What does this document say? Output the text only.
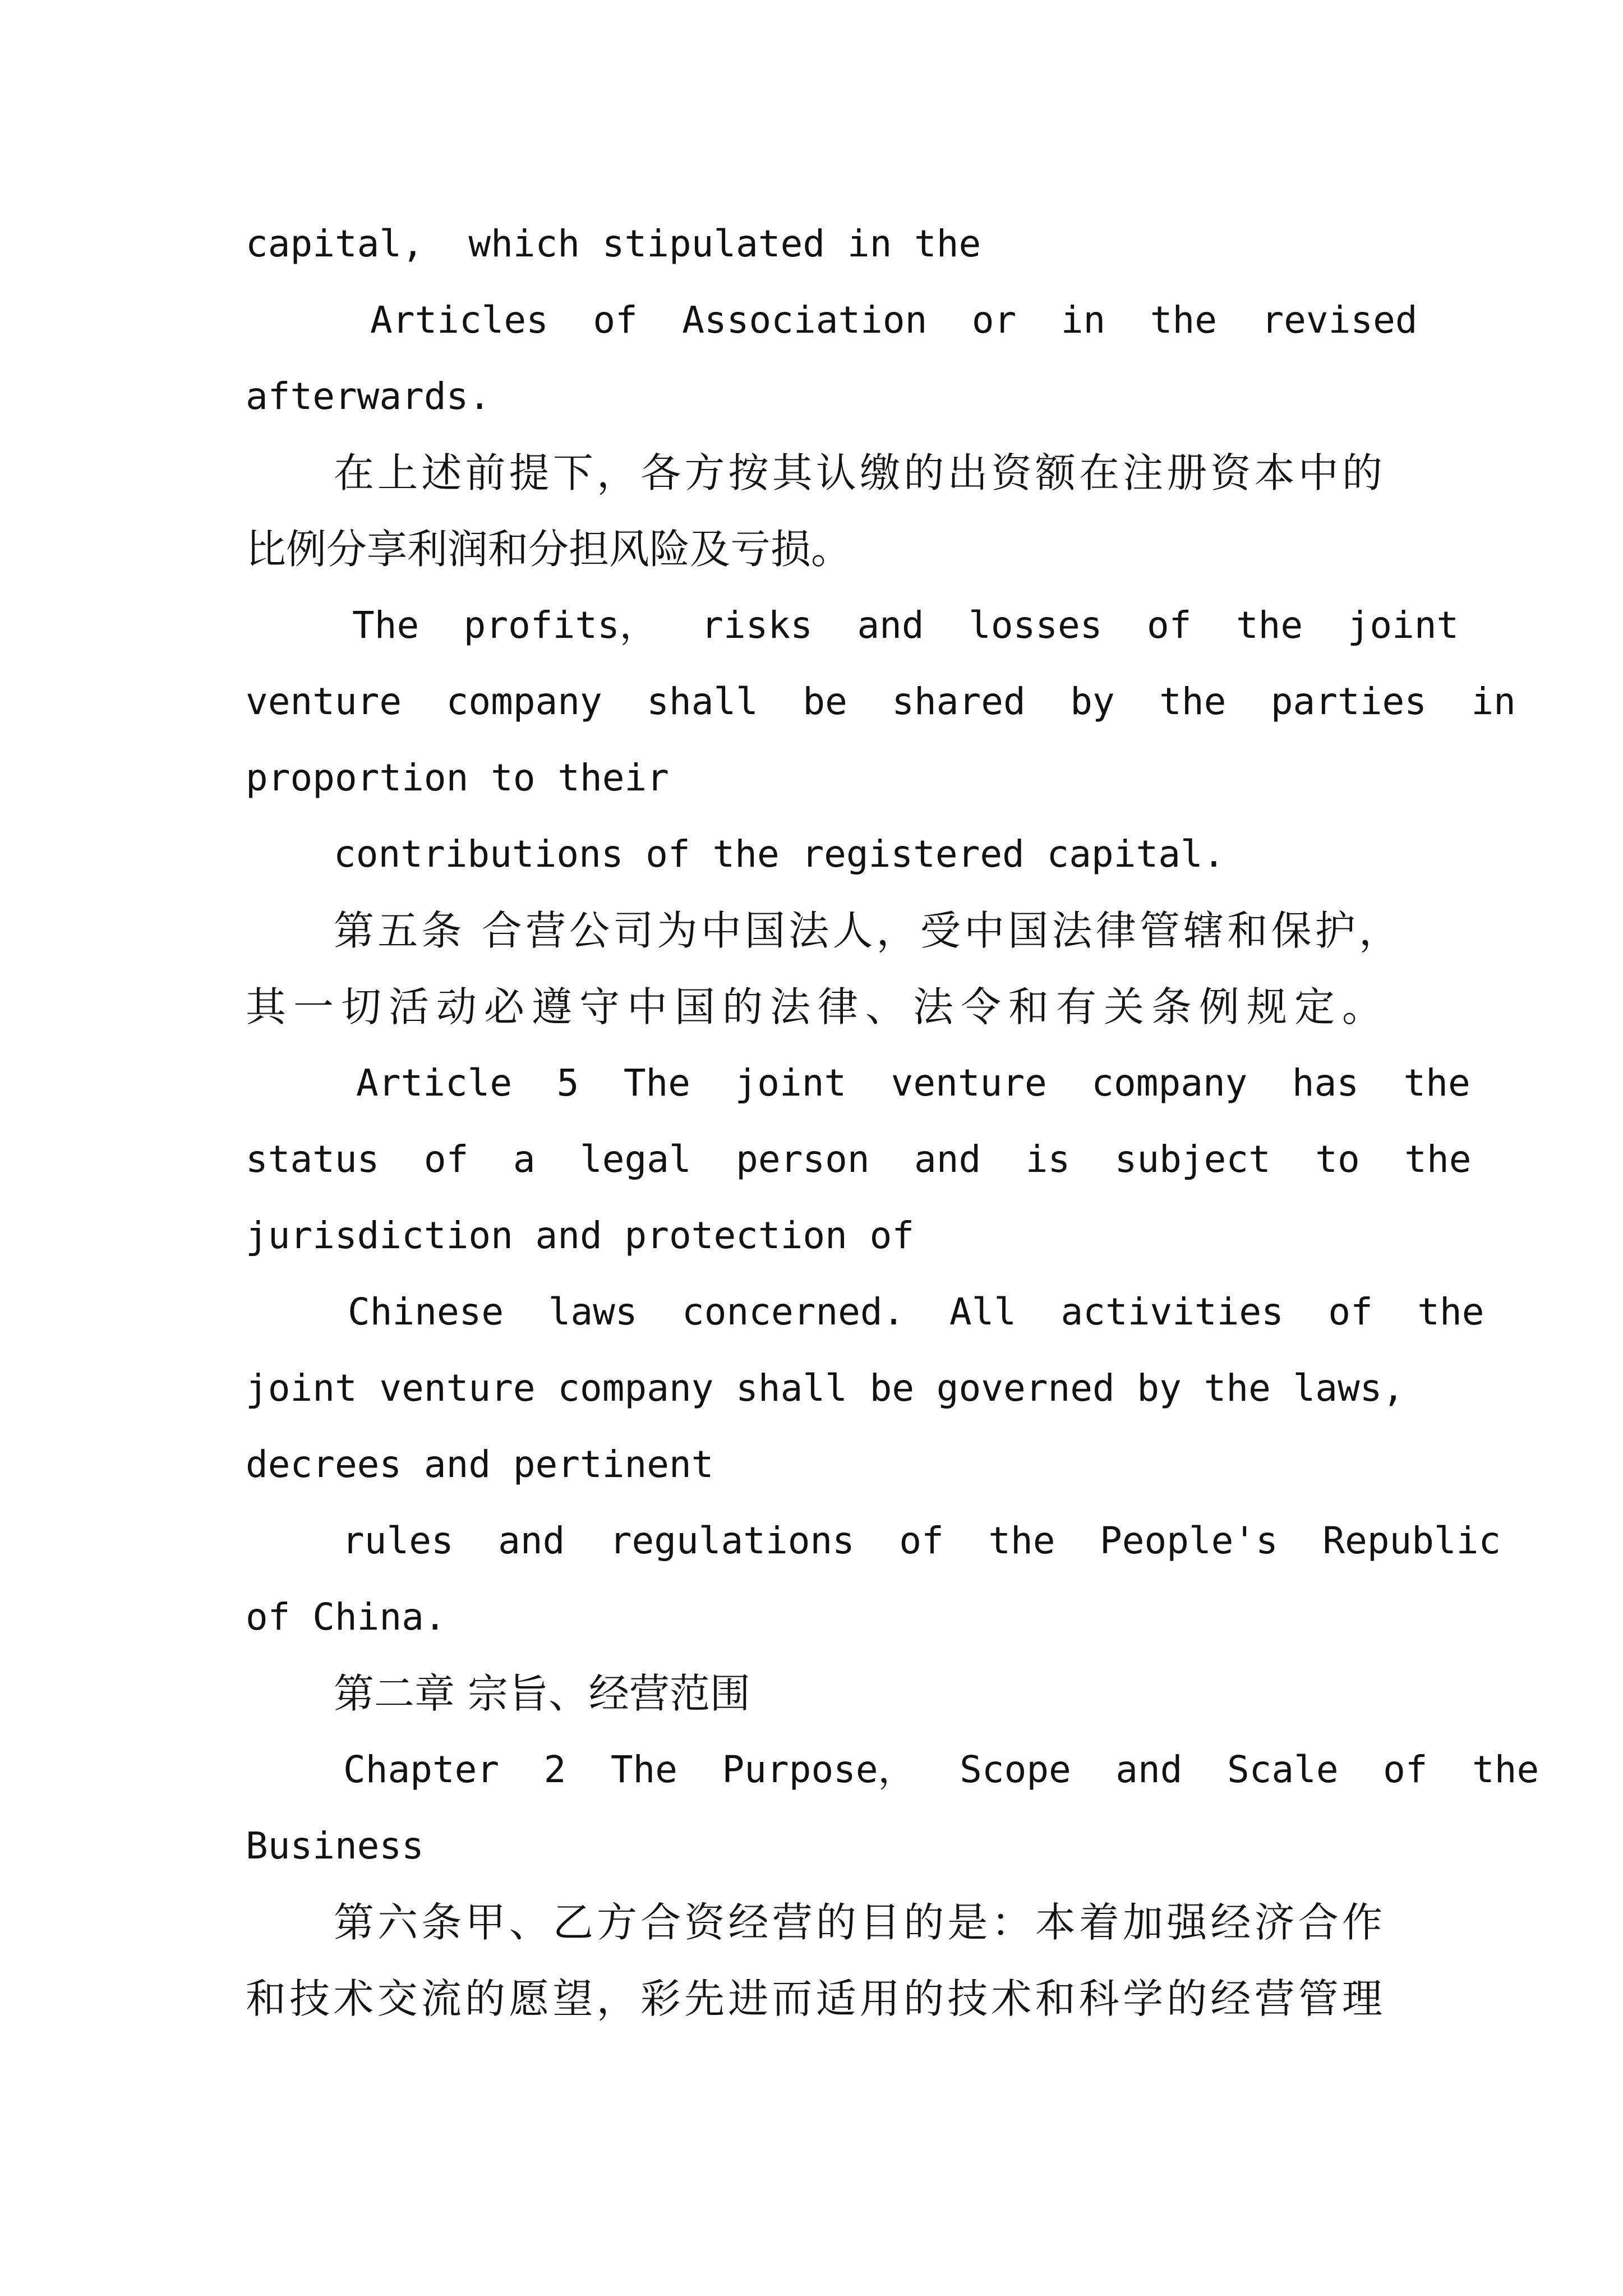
capital,  which stipulated in the
Articles  of  Association  or  in  the  revised
afterwards.
在上述前提下，各方按其认缴的出资额在注册资本中的
比例分享利润和分担风险及亏损。
The  profits，  risks  and  losses  of  the  joint
venture  company  shall  be  shared  by  the  parties  in
proportion to their
contributions of the registered capital.
第五条 合营公司为中国法人，受中国法律管辖和保护，
其一切活动必遵守中国的法律、法令和有关条例规定。
Article  5  The  joint  venture  company  has  the
status  of  a  legal  person  and  is  subject  to  the
jurisdiction and protection of
Chinese  laws  concerned.  All  activities  of  the
joint venture company shall be governed by the laws,
decrees and pertinent
rules  and  regulations  of  the  People's  Republic
of China.
第二章 宗旨、经营范围
Chapter  2  The  Purpose，  Scope  and  Scale  of  the
Business
第六条甲、乙方合资经营的目的是：本着加强经济合作
和技术交流的愿望，彩先进而适用的技术和科学的经营管理
